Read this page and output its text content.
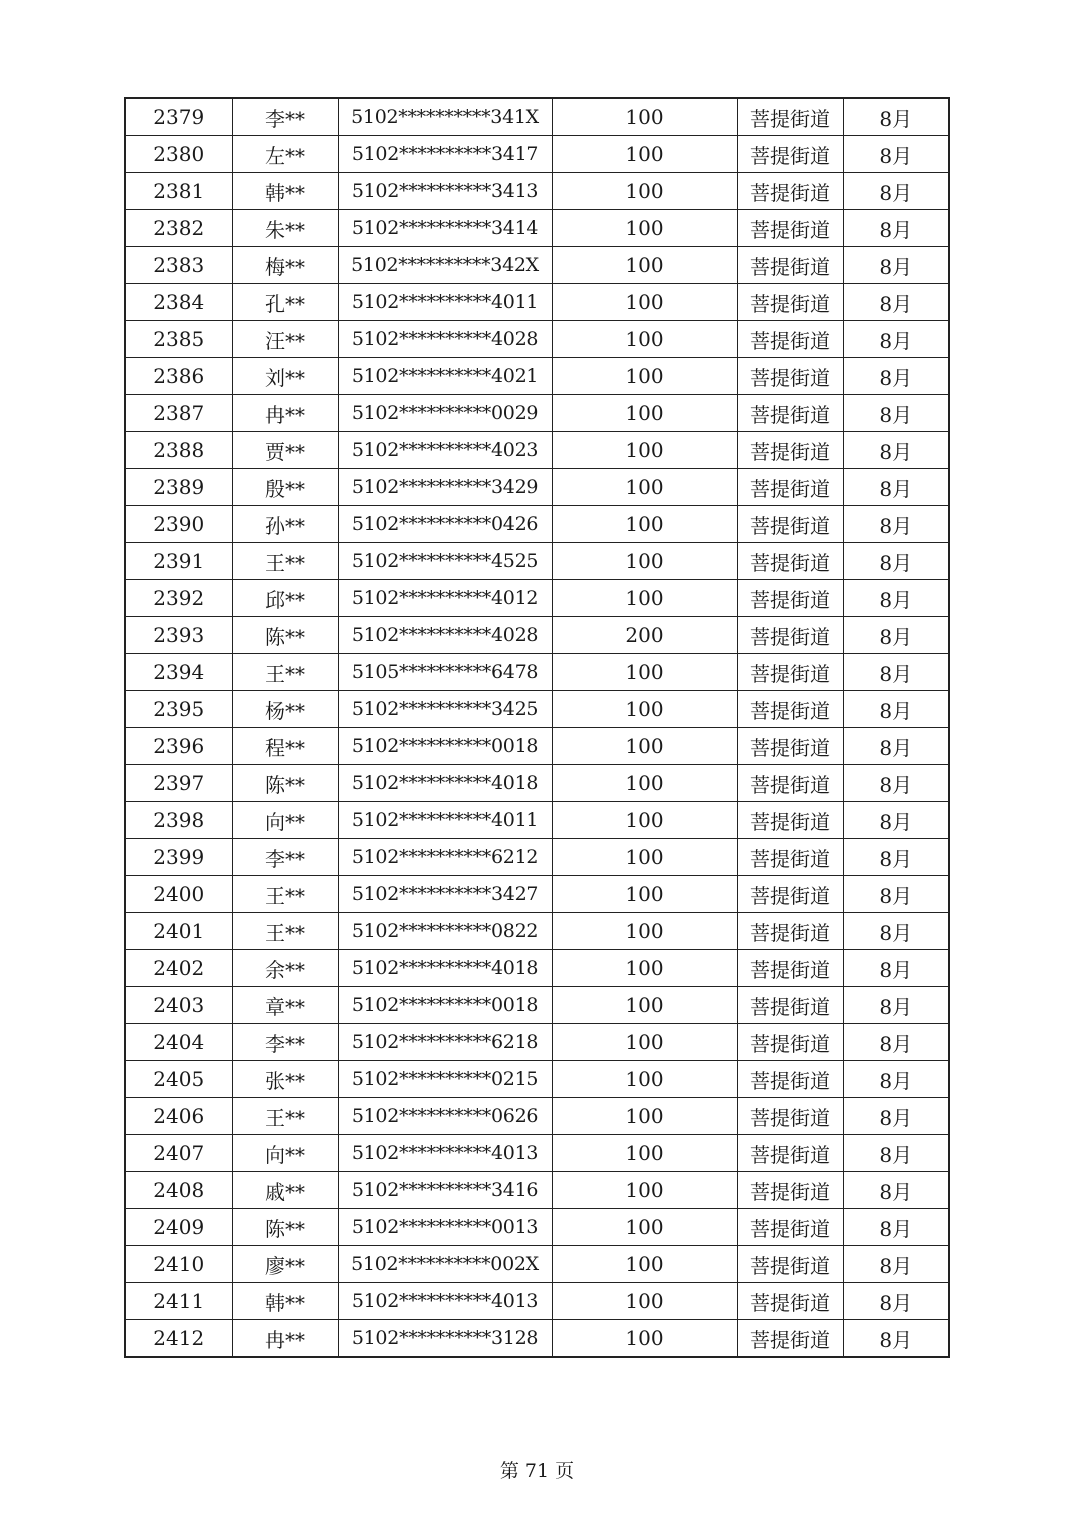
2379	李**	5102**********341X	100	菩提街道	8月
2380	左**	5102**********3417	100	菩提街道	8月
2381	韩**	5102**********3413	100	菩提街道	8月
2382	朱**	5102**********3414	100	菩提街道	8月
2383	梅**	5102**********342X	100	菩提街道	8月
2384	孔**	5102**********4011	100	菩提街道	8月
2385	汪**	5102**********4028	100	菩提街道	8月
2386	刘**	5102**********4021	100	菩提街道	8月
2387	冉**	5102**********0029	100	菩提街道	8月
2388	贾**	5102**********4023	100	菩提街道	8月
2389	殷**	5102**********3429	100	菩提街道	8月
2390	孙**	5102**********0426	100	菩提街道	8月
2391	王**	5102**********4525	100	菩提街道	8月
2392	邱**	5102**********4012	100	菩提街道	8月
2393	陈**	5102**********4028	200	菩提街道	8月
2394	王**	5105**********6478	100	菩提街道	8月
2395	杨**	5102**********3425	100	菩提街道	8月
2396	程**	5102**********0018	100	菩提街道	8月
2397	陈**	5102**********4018	100	菩提街道	8月
2398	向**	5102**********4011	100	菩提街道	8月
2399	李**	5102**********6212	100	菩提街道	8月
2400	王**	5102**********3427	100	菩提街道	8月
2401	王**	5102**********0822	100	菩提街道	8月
2402	余**	5102**********4018	100	菩提街道	8月
2403	章**	5102**********0018	100	菩提街道	8月
2404	李**	5102**********6218	100	菩提街道	8月
2405	张**	5102**********0215	100	菩提街道	8月
2406	王**	5102**********0626	100	菩提街道	8月
2407	向**	5102**********4013	100	菩提街道	8月
2408	戚**	5102**********3416	100	菩提街道	8月
2409	陈**	5102**********0013	100	菩提街道	8月
2410	廖**	5102**********002X	100	菩提街道	8月
2411	韩**	5102**********4013	100	菩提街道	8月
2412	冉**	5102**********3128	100	菩提街道	8月
第 71 页
